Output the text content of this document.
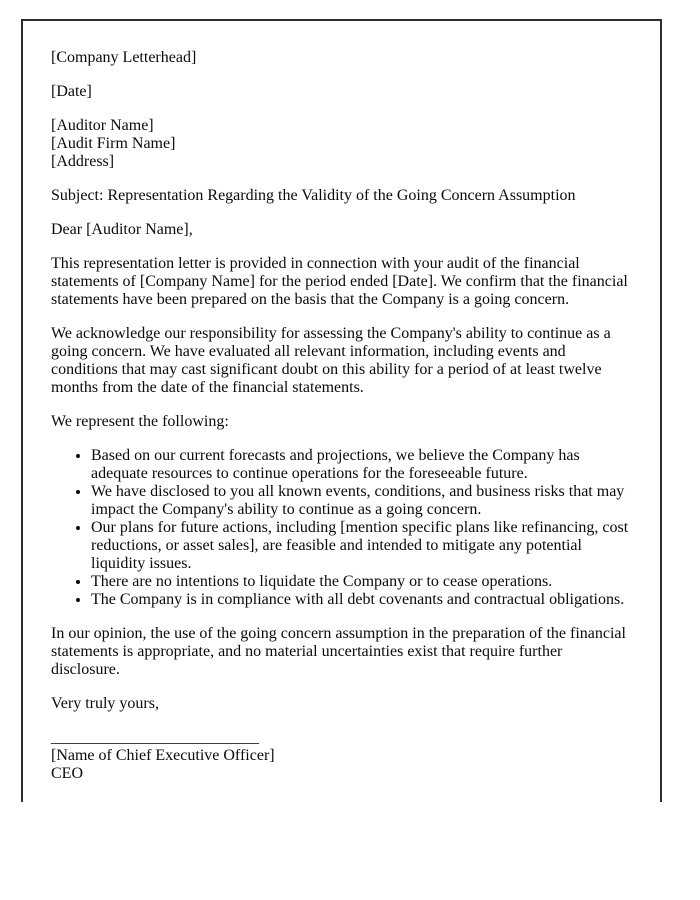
[Company Letterhead]

[Date]

[Auditor Name]
[Audit Firm Name]
[Address]

Subject: Representation Regarding the Validity of the Going Concern Assumption

Dear [Auditor Name],

This representation letter is provided in connection with your audit of the financial statements of [Company Name] for the period ended [Date]. We confirm that the financial statements have been prepared on the basis that the Company is a going concern.

We acknowledge our responsibility for assessing the Company's ability to continue as a going concern. We have evaluated all relevant information, including events and conditions that may cast significant doubt on this ability for a period of at least twelve months from the date of the financial statements.

We represent the following:

• Based on our current forecasts and projections, we believe the Company has adequate resources to continue operations for the foreseeable future.
• We have disclosed to you all known events, conditions, and business risks that may impact the Company's ability to continue as a going concern.
• Our plans for future actions, including [mention specific plans like refinancing, cost reductions, or asset sales], are feasible and intended to mitigate any potential liquidity issues.
• There are no intentions to liquidate the Company or to cease operations.
• The Company is in compliance with all debt covenants and contractual obligations.

In our opinion, the use of the going concern assumption in the preparation of the financial statements is appropriate, and no material uncertainties exist that require further disclosure.

Very truly yours,

__________________________
[Name of Chief Executive Officer]
CEO
